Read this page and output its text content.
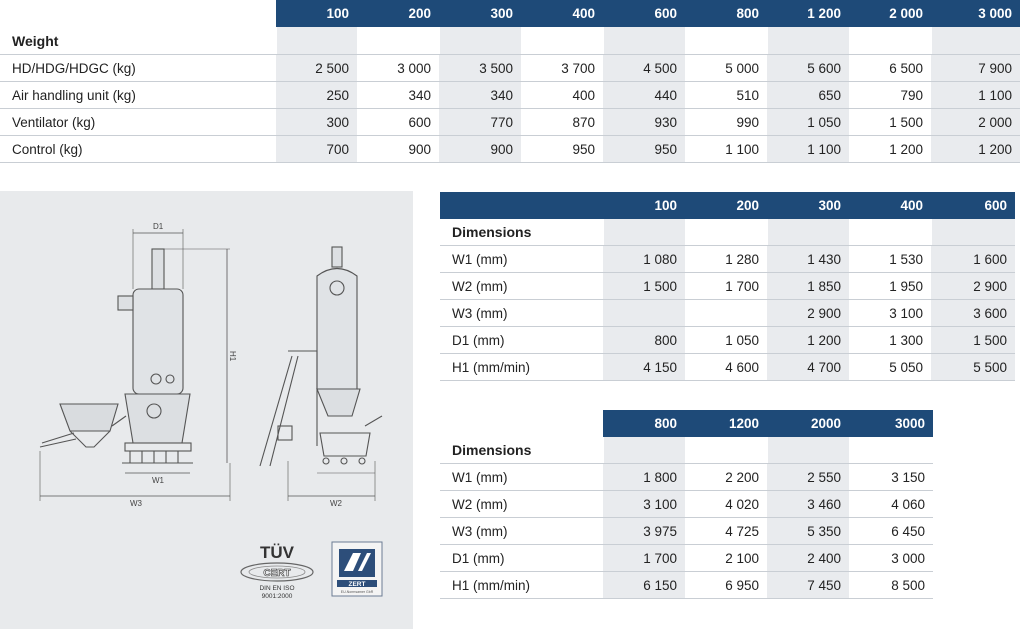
	100	200	300	400	600	800	1 200	2 000	3 000
Weight									
HD/HDG/HDGC (kg)	2 500	3 000	3 500	3 700	4 500	5 000	5 600	6 500	7 900
Air handling unit (kg)	250	340	340	400	440	510	650	790	1 100
Ventilator (kg)	300	600	770	870	930	990	1 050	1 500	2 000
Control (kg)	700	900	900	950	950	1 100	1 100	1 200	1 200
D1
H1
W1
W3	W2
TÜV
CERT
DIN EN ISO
9001:2000
ZERT
EU-Normsamer GbR
	100	200	300	400	600
Dimensions					
W1 (mm)	1 080	1 280	1 430	1 530	1 600
W2 (mm)	1 500	1 700	1 850	1 950	2 900
W3 (mm)			2 900	3 100	3 600
D1 (mm)	800	1 050	1 200	1 300	1 500
H1 (mm/min)	4 150	4 600	4 700	5 050	5 500
	800	1200	2000	3000
Dimensions				
W1 (mm)	1 800	2 200	2 550	3 150
W2 (mm)	3 100	4 020	3 460	4 060
W3 (mm)	3 975	4 725	5 350	6 450
D1 (mm)	1 700	2 100	2 400	3 000
H1 (mm/min)	6 150	6 950	7 450	8 500
